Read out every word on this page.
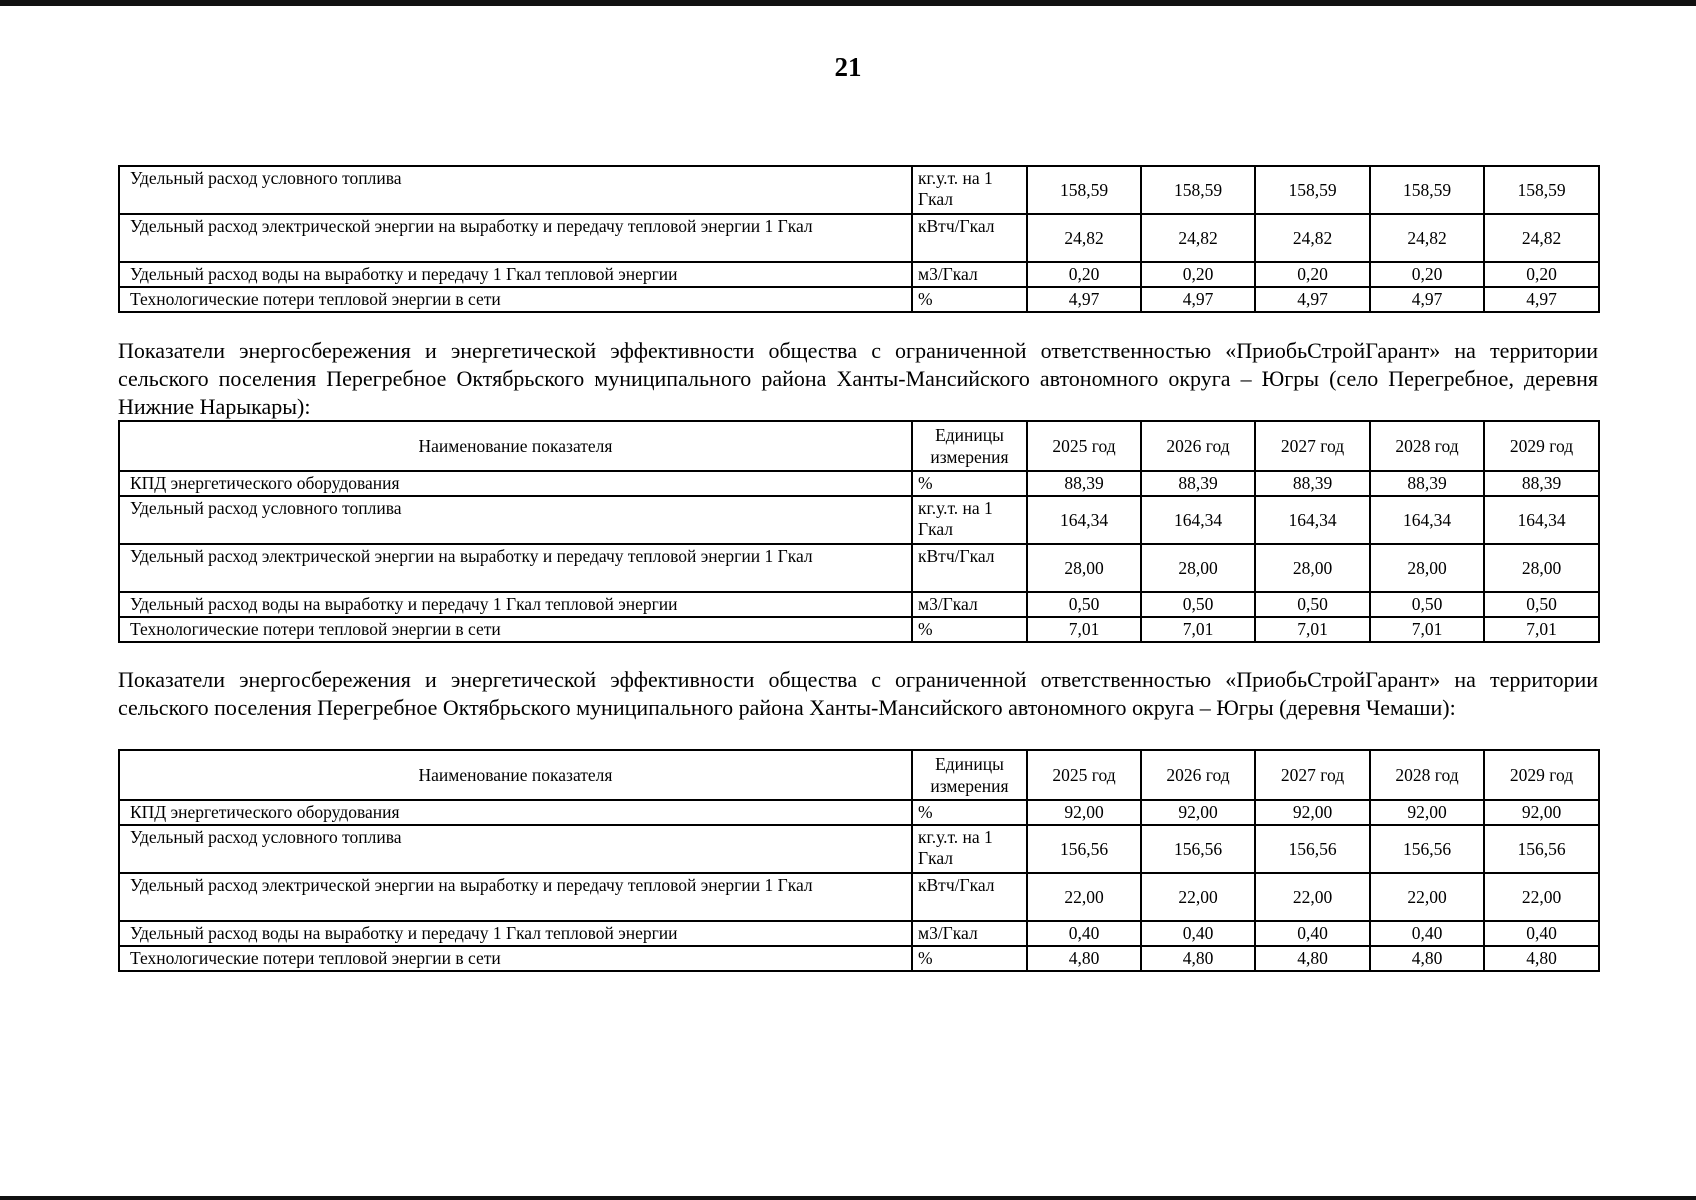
21
Удельный расход условного топлива	кг.у.т. на 1 Гкал	158,59	158,59	158,59	158,59	158,59
Удельный расход электрической энергии на выработку и передачу тепловой энергии 1 Гкал	кВтч/Гкал	24,82	24,82	24,82	24,82	24,82
Удельный расход воды на выработку и передачу 1 Гкал тепловой энергии	м3/Гкал	0,20	0,20	0,20	0,20	0,20
Технологические потери тепловой энергии в сети	%	4,97	4,97	4,97	4,97	4,97
Показатели энергосбережения и энергетической эффективности общества с ограниченной ответственностью «ПриобьСтройГарант» на территории сельского поселения Перегребное Октябрьского муниципального района Ханты-Мансийского автономного округа – Югры (село Перегребное, деревня Нижние Нарыкары):
Наименование показателя	Единицы измерения	2025 год	2026 год	2027 год	2028 год	2029 год
КПД энергетического оборудования	%	88,39	88,39	88,39	88,39	88,39
Удельный расход условного топлива	кг.у.т. на 1 Гкал	164,34	164,34	164,34	164,34	164,34
Удельный расход электрической энергии на выработку и передачу тепловой энергии 1 Гкал	кВтч/Гкал	28,00	28,00	28,00	28,00	28,00
Удельный расход воды на выработку и передачу 1 Гкал тепловой энергии	м3/Гкал	0,50	0,50	0,50	0,50	0,50
Технологические потери тепловой энергии в сети	%	7,01	7,01	7,01	7,01	7,01
Показатели энергосбережения и энергетической эффективности общества с ограниченной ответственностью «ПриобьСтройГарант» на территории сельского поселения Перегребное Октябрьского муниципального района Ханты-Мансийского автономного округа – Югры (деревня Чемаши):
Наименование показателя	Единицы измерения	2025 год	2026 год	2027 год	2028 год	2029 год
КПД энергетического оборудования	%	92,00	92,00	92,00	92,00	92,00
Удельный расход условного топлива	кг.у.т. на 1 Гкал	156,56	156,56	156,56	156,56	156,56
Удельный расход электрической энергии на выработку и передачу тепловой энергии 1 Гкал	кВтч/Гкал	22,00	22,00	22,00	22,00	22,00
Удельный расход воды на выработку и передачу 1 Гкал тепловой энергии	м3/Гкал	0,40	0,40	0,40	0,40	0,40
Технологические потери тепловой энергии в сети	%	4,80	4,80	4,80	4,80	4,80
